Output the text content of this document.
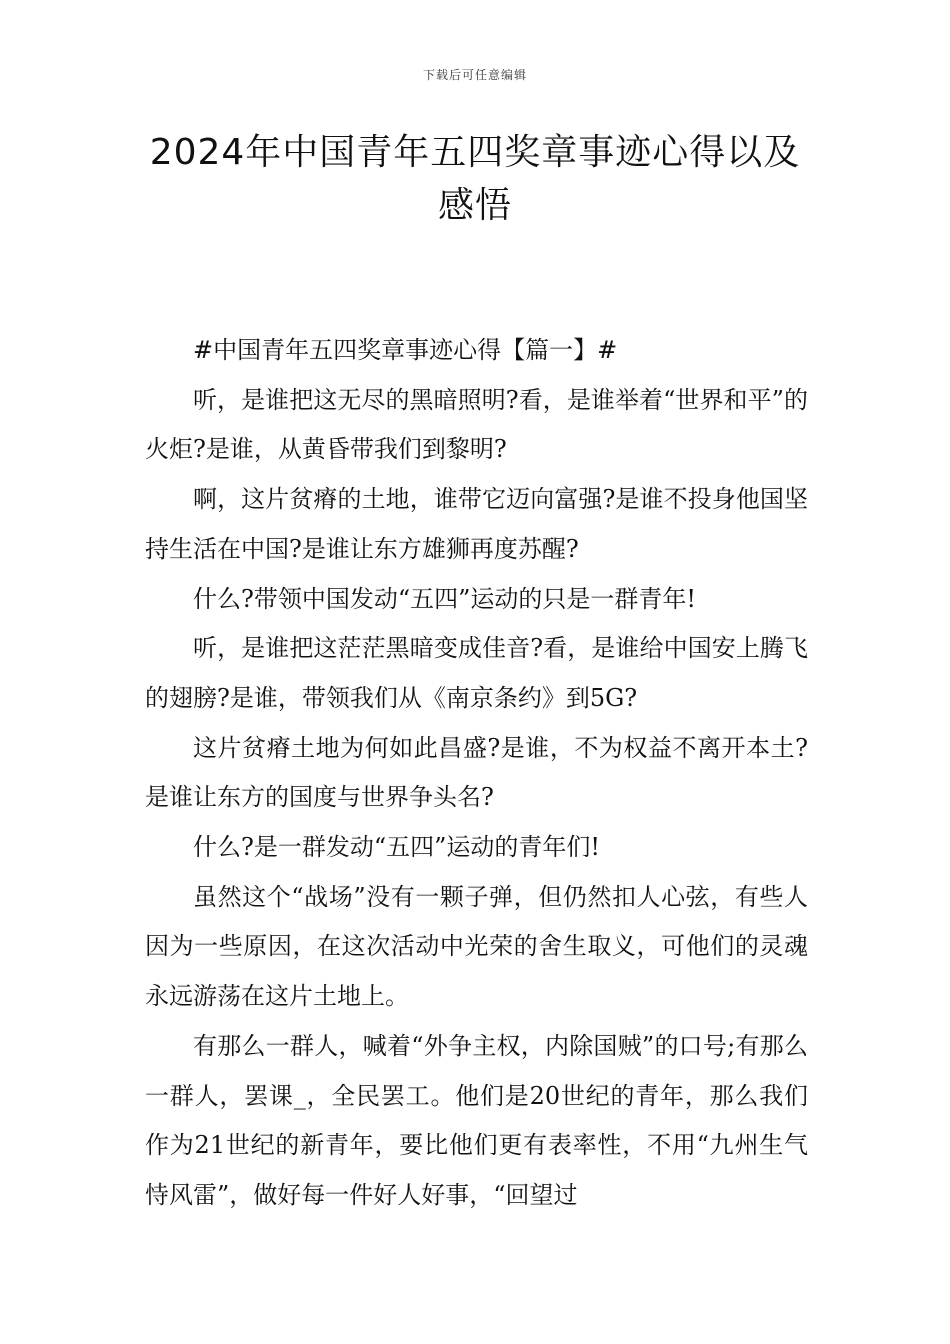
下载后可任意编辑
2024年中国青年五四奖章事迹心得以及感悟

#中国青年五四奖章事迹心得【篇一】#

听，是谁把这无尽的黑暗照明?看，是谁举着“世界和平”的火炬?是谁，从黄昏带我们到黎明?

啊，这片贫瘠的土地，谁带它迈向富强?是谁不投身他国坚持生活在中国?是谁让东方雄狮再度苏醒?

什么?带领中国发动“五四”运动的只是一群青年!

听，是谁把这茫茫黑暗变成佳音?看，是谁给中国安上腾飞的翅膀?是谁，带领我们从《南京条约》到5G?

这片贫瘠土地为何如此昌盛?是谁，不为权益不离开本土?是谁让东方的国度与世界争头名?

什么?是一群发动“五四”运动的青年们!

虽然这个“战场”没有一颗子弹，但仍然扣人心弦，有些人因为一些原因，在这次活动中光荣的舍生取义，可他们的灵魂永远游荡在这片土地上。

有那么一群人，喊着“外争主权，内除国贼”的口号;有那么一群人，罢课_，全民罢工。他们是20世纪的青年，那么我们作为21世纪的新青年，要比他们更有表率性，不用“九州生气恃风雷”，做好每一件好人好事，“回望过
